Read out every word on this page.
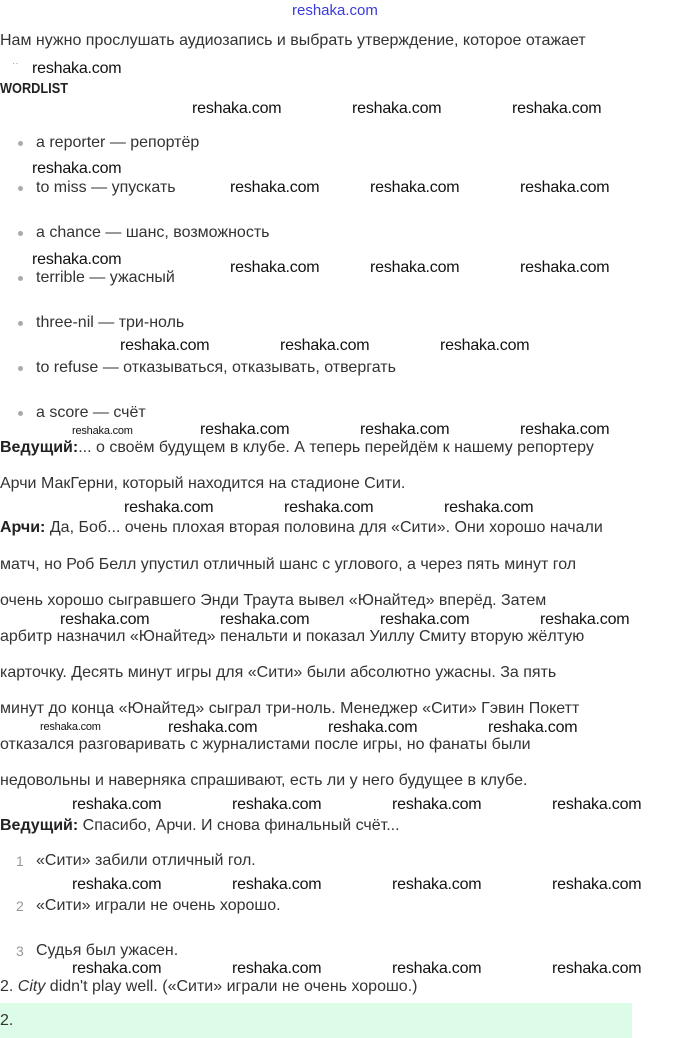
reshaka.com
Нам нужно прослушать аудиозапись и выбрать утверждение, которое отажает
··
WORDLIST
a reporter — репортёр
to miss — упускать
a chance — шанс, возможность
terrible — ужасный
three-nil — три-ноль
to refuse — отказываться, отказывать, отвергать
a score — счёт
Ведущий:... о своём будущем в клубе. А теперь перейдём к нашему репортеру
Арчи МакГерни, который находится на стадионе Сити.
Арчи: Да, Боб... очень плохая вторая половина для «Сити». Они хорошо начали
матч, но Роб Белл упустил отличный шанс с углового, а через пять минут гол
очень хорошо сыгравшего Энди Траута вывел «Юнайтед» вперёд. Затем
арбитр назначил «Юнайтед» пенальти и показал Уиллу Смиту вторую жёлтую
карточку. Десять минут игры для «Сити» были абсолютно ужасны. За пять
минут до конца «Юнайтед» сыграл три-ноль. Менеджер «Сити» Гэвин Покетт
отказался разговаривать с журналистами после игры, но фанаты были
недовольны и наверняка спрашивают, есть ли у него будущее в клубе.
Ведущий: Спасибо, Арчи. И снова финальный счёт...
1 «Сити» забили отличный гол.
2 «Сити» играли не очень хорошо.
3 Судья был ужасен.
2. City didn't play well. («Сити» играли не очень хорошо.)
2.
reshaka.com
reshaka.com	reshaka.com	reshaka.com
reshaka.com
reshaka.com	reshaka.com	reshaka.com
reshaka.com	reshaka.com	reshaka.com	reshaka.com
reshaka.com	reshaka.com	reshaka.com
reshaka.com	reshaka.com	reshaka.com	reshaka.com
reshaka.com
reshaka.com	reshaka.com
reshaka.com	reshaka.com	reshaka.com	reshaka.com
reshaka.com	reshaka.com	reshaka.com	reshaka.com
reshaka.com	reshaka.com	reshaka.com	reshaka.com
reshaka.com	reshaka.com	reshaka.com	reshaka.com
reshaka.com	reshaka.com	reshaka.com	reshaka.com
